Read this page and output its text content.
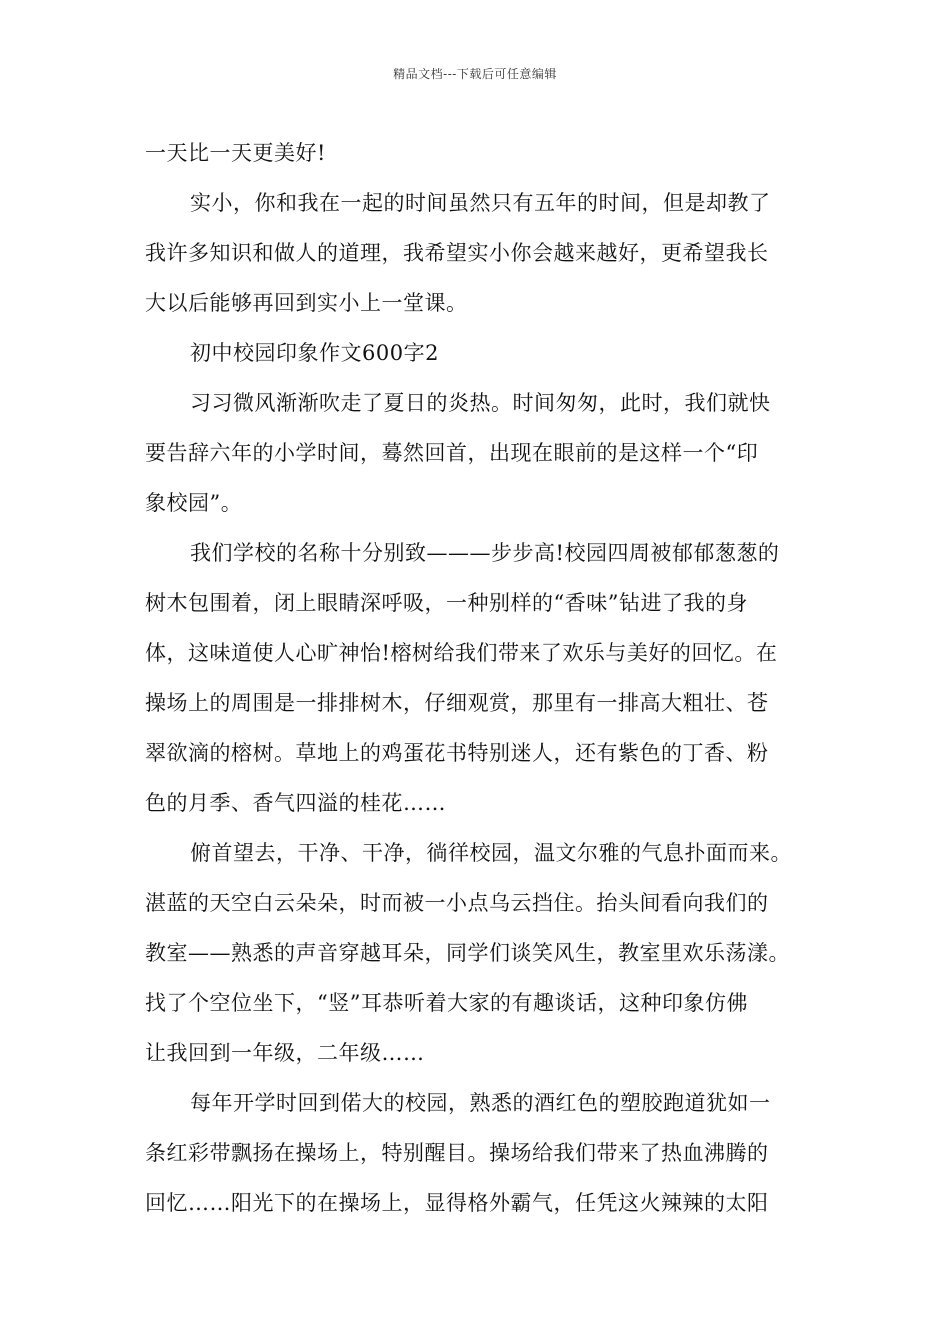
精品文档---下载后可任意编辑
一天比一天更美好!
实小，你和我在一起的时间虽然只有五年的时间，但是却教了
我许多知识和做人的道理，我希望实小你会越来越好，更希望我长
大以后能够再回到实小上一堂课。
初中校园印象作文600字2
习习微风渐渐吹走了夏日的炎热。时间匆匆，此时，我们就快
要告辞六年的小学时间，蓦然回首，出现在眼前的是这样一个“印
象校园”。
我们学校的名称十分别致———步步高!校园四周被郁郁葱葱的
树木包围着，闭上眼睛深呼吸，一种别样的“香味”钻进了我的身
体，这味道使人心旷神怡!榕树给我们带来了欢乐与美好的回忆。在
操场上的周围是一排排树木，仔细观赏，那里有一排高大粗壮、苍
翠欲滴的榕树。草地上的鸡蛋花书特别迷人，还有紫色的丁香、粉
色的月季、香气四溢的桂花……
俯首望去，干净、干净，徜徉校园，温文尔雅的气息扑面而来。
湛蓝的天空白云朵朵，时而被一小点乌云挡住。抬头间看向我们的
教室——熟悉的声音穿越耳朵，同学们谈笑风生，教室里欢乐荡漾。
找了个空位坐下，“竖”耳恭听着大家的有趣谈话，这种印象仿佛
让我回到一年级，二年级……
每年开学时回到偌大的校园，熟悉的酒红色的塑胶跑道犹如一
条红彩带飘扬在操场上，特别醒目。操场给我们带来了热血沸腾的
回忆……阳光下的在操场上，显得格外霸气，任凭这火辣辣的太阳
